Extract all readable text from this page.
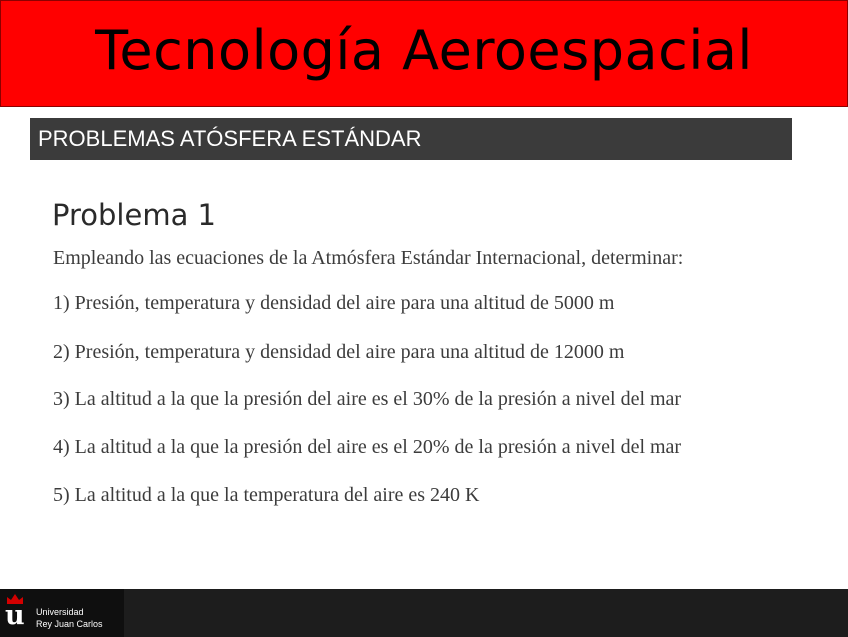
Tecnología Aeroespacial
PROBLEMAS ATÓSFERA ESTÁNDAR
Problema 1
Empleando las ecuaciones de la Atmósfera Estándar Internacional, determinar:
1) Presión, temperatura y densidad del aire para una altitud de 5000 m
2) Presión, temperatura y densidad del aire para una altitud de 12000 m
3) La altitud a la que la presión del aire es el 30% de la presión a nivel del mar
4) La altitud a la que la presión del aire es el 20% de la presión a nivel del mar
5) La altitud a la que la temperatura del aire es 240 K
u Universidad
Rey Juan Carlos
